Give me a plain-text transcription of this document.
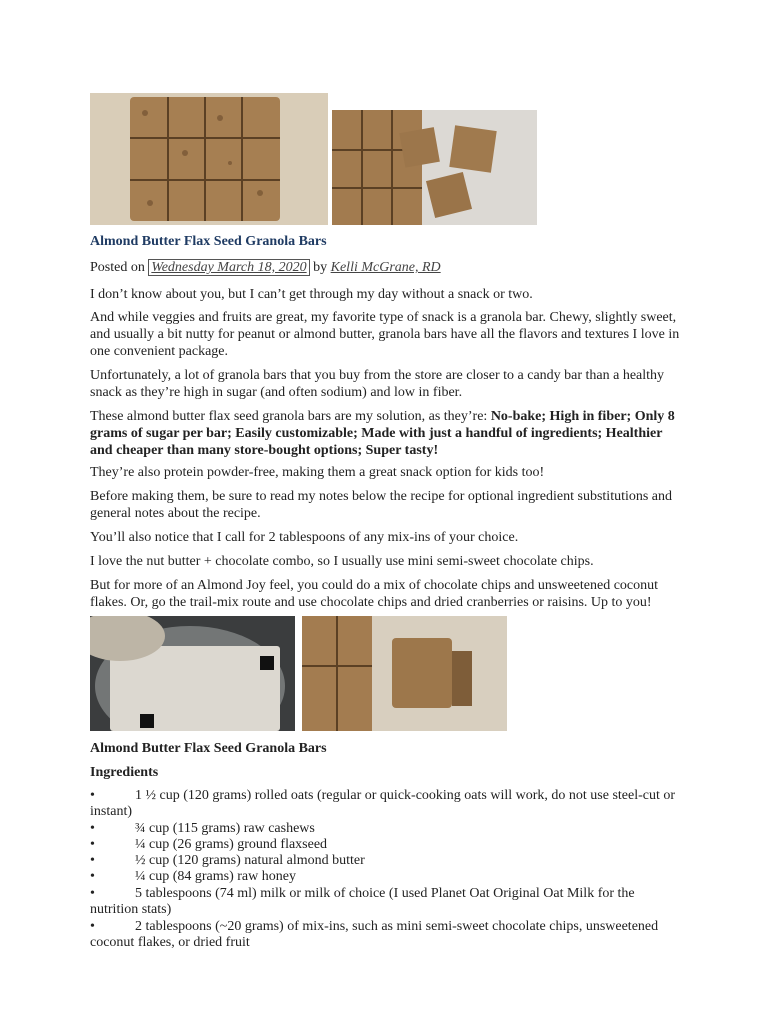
Almond Butter Flax Seed Granola Bars
Posted on Wednesday March 18, 2020 by Kelli McGrane, RD

I don’t know about you, but I can’t get through my day without a snack or two.

And while veggies and fruits are great, my favorite type of snack is a granola bar. Chewy, slightly sweet, and usually a bit nutty for peanut or almond butter, granola bars have all the flavors and textures I love in one convenient package.

Unfortunately, a lot of granola bars that you buy from the store are closer to a candy bar than a healthy snack as they’re high in sugar (and often sodium) and low in fiber.

These almond butter flax seed granola bars are my solution, as they’re: No-bake; High in fiber; Only 8 grams of sugar per bar; Easily customizable; Made with just a handful of ingredients; Healthier and cheaper than many store-bought options; Super tasty!

They’re also protein powder-free, making them a great snack option for kids too!

Before making them, be sure to read my notes below the recipe for optional ingredient substitutions and general notes about the recipe.

You’ll also notice that I call for 2 tablespoons of any mix-ins of your choice.

I love the nut butter + chocolate combo, so I usually use mini semi-sweet chocolate chips.

But for more of an Almond Joy feel, you could do a mix of chocolate chips and unsweetened coconut flakes. Or, go the trail-mix route and use chocolate chips and dried cranberries or raisins. Up to you!

Almond Butter Flax Seed Granola Bars
Ingredients
•	1 ½ cup (120 grams) rolled oats (regular or quick-cooking oats will work, do not use steel-cut or instant)
•	¾ cup (115 grams) raw cashews
•	¼ cup (26 grams) ground flaxseed
•	½ cup (120 grams) natural almond butter
•	¼ cup (84 grams) raw honey
•	5 tablespoons (74 ml) milk or milk of choice (I used Planet Oat Original Oat Milk for the nutrition stats)
•	2 tablespoons (~20 grams) of mix-ins, such as mini semi-sweet chocolate chips, unsweetened coconut flakes, or dried fruit
